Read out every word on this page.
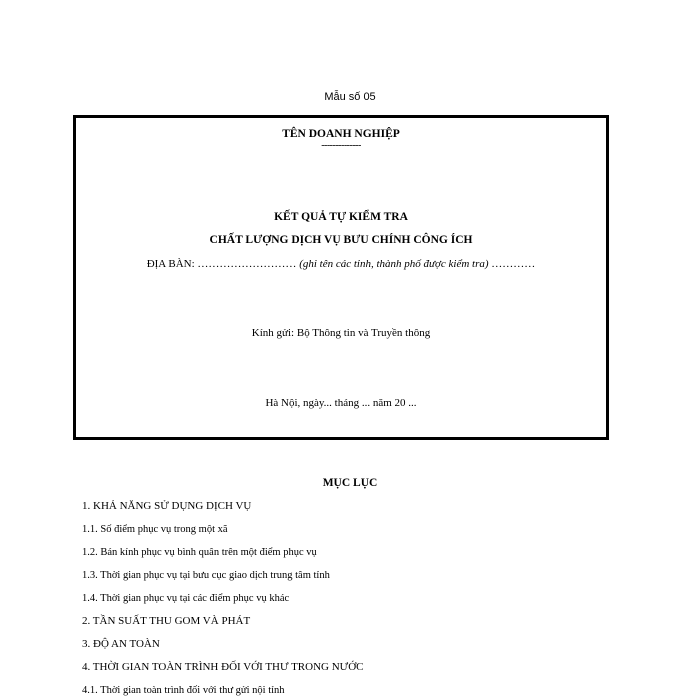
Mẫu số 05
TÊN DOANH NGHIỆP
--------------
KẾT QUẢ TỰ KIỂM TRA
CHẤT LƯỢNG DỊCH VỤ BƯU CHÍNH CÔNG ÍCH
ĐỊA BÀN: ……………………… (ghi tên các tỉnh, thành phố được kiểm tra) …………
Kính gửi: Bộ Thông tin và Truyền thông
Hà Nội, ngày... tháng ... năm 20 ...
MỤC LỤC
1. KHẢ NĂNG SỬ DỤNG DỊCH VỤ
1.1. Số điểm phục vụ trong một xã
1.2. Bán kính phục vụ bình quân trên một điểm phục vụ
1.3. Thời gian phục vụ tại bưu cục giao dịch trung tâm tỉnh
1.4. Thời gian phục vụ tại các điểm phục vụ khác
2. TẦN SUẤT THU GOM VÀ PHÁT
3. ĐỘ AN TOÀN
4. THỜI GIAN TOÀN TRÌNH ĐỐI VỚI THƯ TRONG NƯỚC
4.1. Thời gian toàn trình đối với thư gửi nội tỉnh
